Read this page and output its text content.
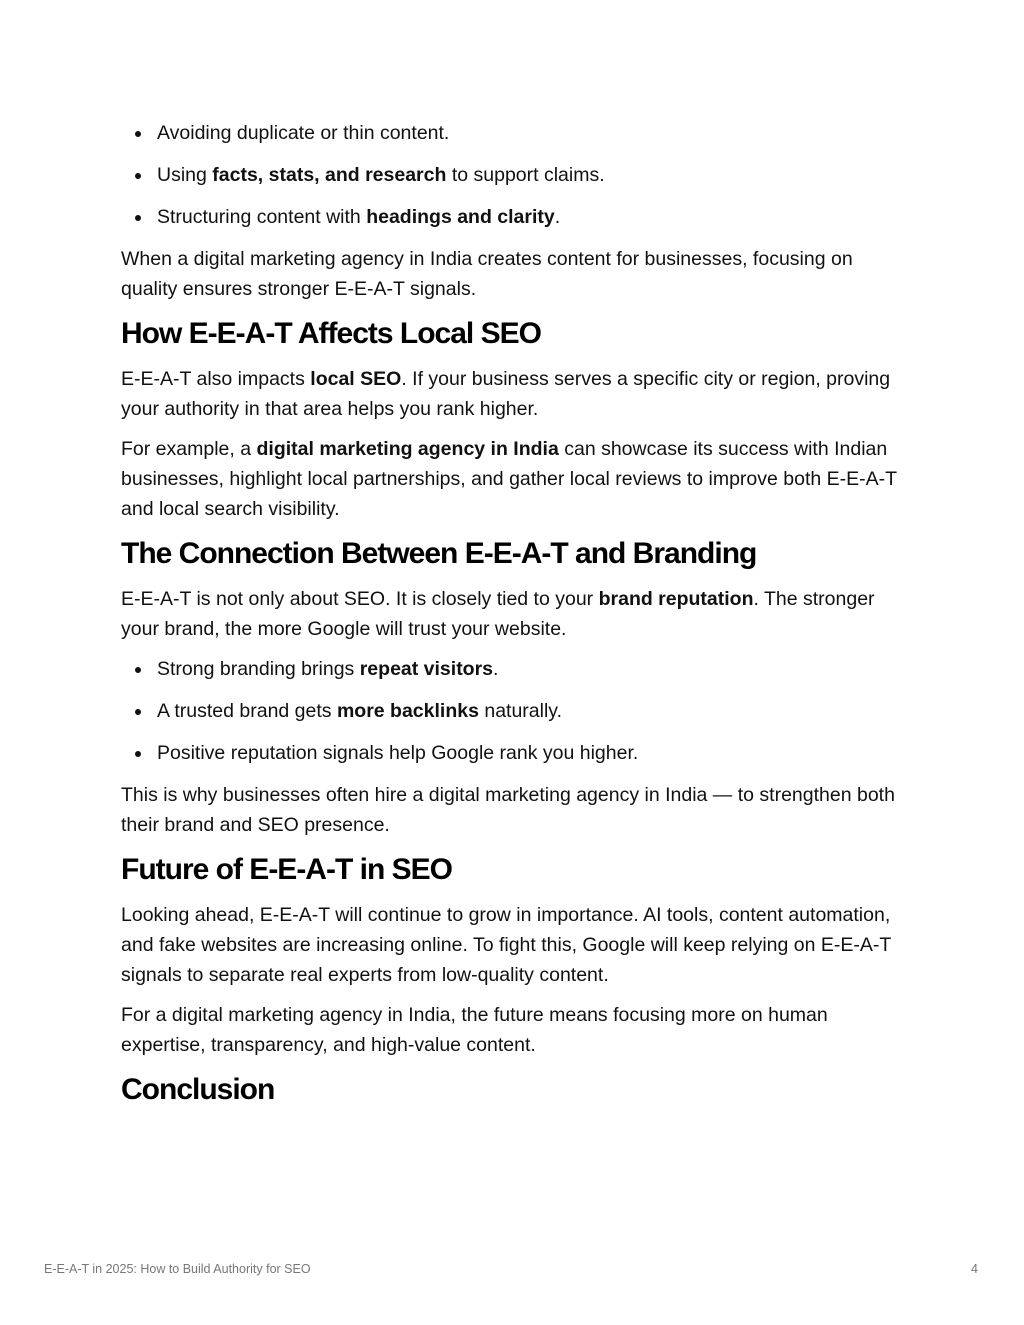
Avoiding duplicate or thin content.
Using facts, stats, and research to support claims.
Structuring content with headings and clarity.

When a digital marketing agency in India creates content for businesses, focusing on quality ensures stronger E-E-A-T signals.

How E-E-A-T Affects Local SEO

E-E-A-T also impacts local SEO. If your business serves a specific city or region, proving your authority in that area helps you rank higher.

For example, a digital marketing agency in India can showcase its success with Indian businesses, highlight local partnerships, and gather local reviews to improve both E-E-A-T and local search visibility.

The Connection Between E-E-A-T and Branding

E-E-A-T is not only about SEO. It is closely tied to your brand reputation. The stronger your brand, the more Google will trust your website.

Strong branding brings repeat visitors.
A trusted brand gets more backlinks naturally.
Positive reputation signals help Google rank you higher.

This is why businesses often hire a digital marketing agency in India — to strengthen both their brand and SEO presence.

Future of E-E-A-T in SEO

Looking ahead, E-E-A-T will continue to grow in importance. AI tools, content automation, and fake websites are increasing online. To fight this, Google will keep relying on E-E-A-T signals to separate real experts from low-quality content.

For a digital marketing agency in India, the future means focusing more on human expertise, transparency, and high-value content.

Conclusion
E-E-A-T in 2025: How to Build Authority for SEO	4
